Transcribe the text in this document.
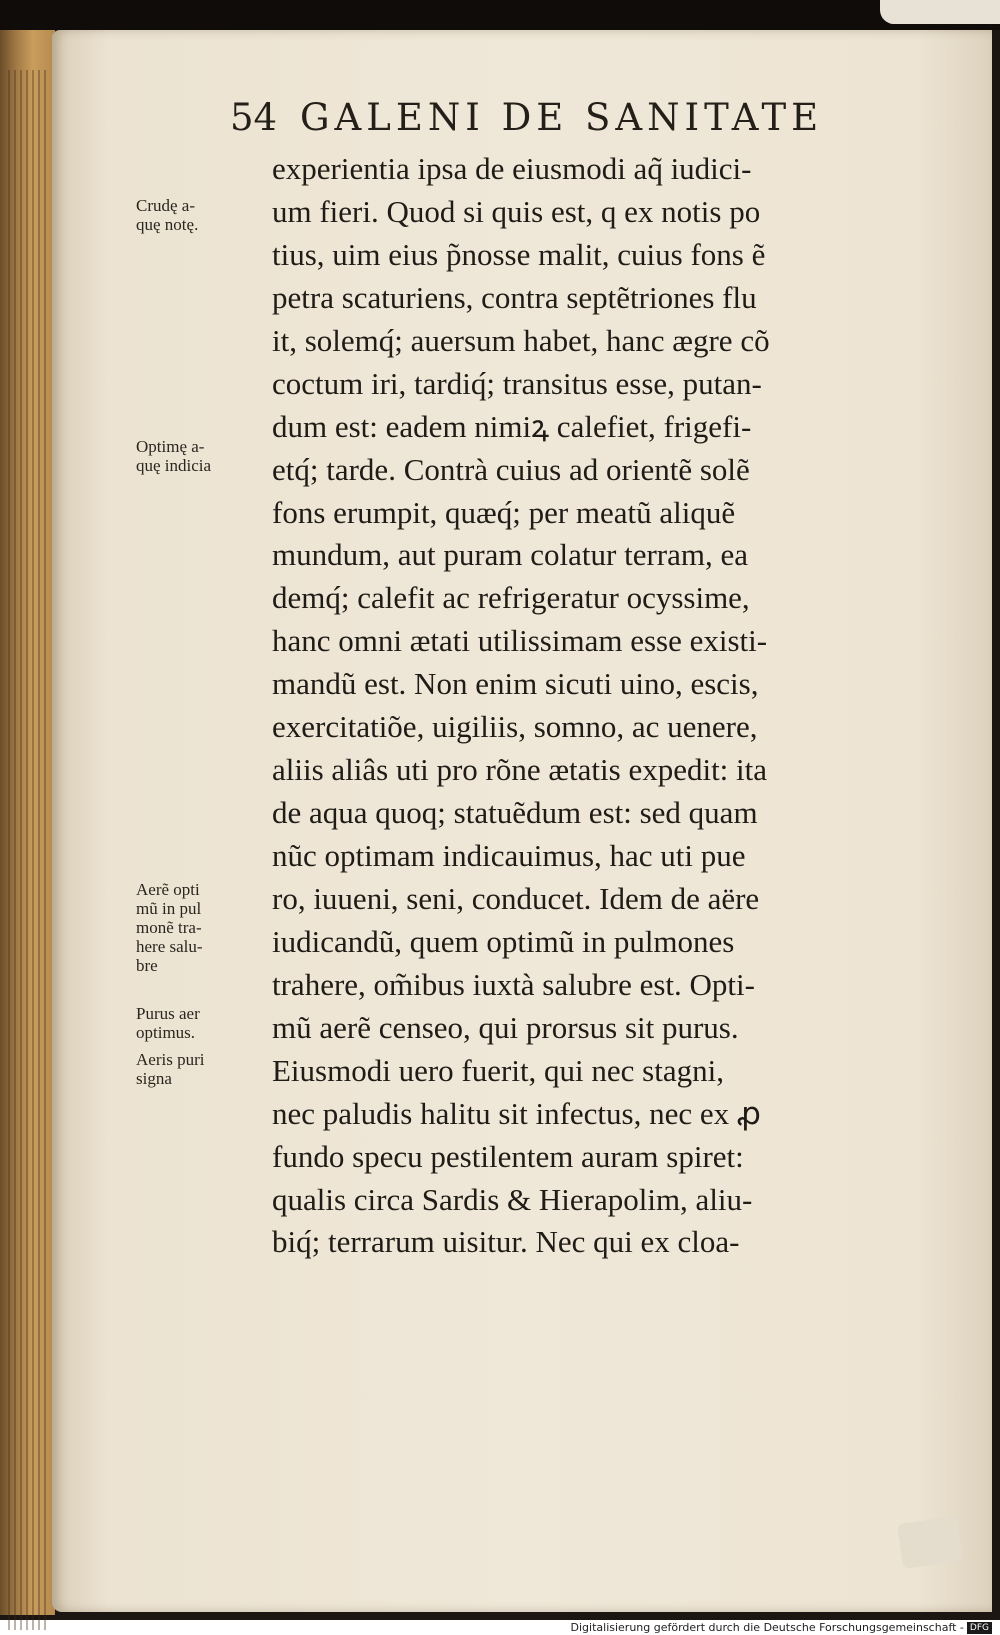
54 GALENI DE SANITATE
experientia ipsa de eiusmodi aq̃ iudici-
um fieri. Quod si quis est, q ex notis po
tius, uim eius p̃nosse malit, cuius fons ẽ
petra scaturiens, contra septẽtriones flu
it, solemq́; auersum habet, hanc ægre cõ
coctum iri, tardiq́; transitus esse, putan-
dum est: eadem nimiꝝ calefiet, frigefi-
etq́; tarde. Contrà cuius ad orientẽ solẽ
fons erumpit, quæq́; per meatũ aliquẽ
mundum, aut puram colatur terram, ea
demq́; calefit ac refrigeratur ocyssime,
hanc omni ætati utilissimam esse existi-
mandũ est. Non enim sicuti uino, escis,
exercitatiõe, uigiliis, somno, ac uenere,
aliis aliâs uti pro rõne ætatis expedit: ita
de aqua quoq; statuẽdum est: sed quam
nũc optimam indicauimus, hac uti pue
ro, iuueni, seni, conducet. Idem de aëre
iudicandũ, quem optimũ in pulmones
trahere, om̃ibus iuxtà salubre est. Opti-
mũ aerẽ censeo, qui prorsus sit purus.
Eiusmodi uero fuerit, qui nec stagni,
nec paludis halitu sit infectus, nec ex ꝓ
fundo specu pestilentem auram spiret:
qualis circa Sardis & Hierapolim, aliu-
biq́; terrarum uisitur. Nec qui ex cloa-
Crudę a-
quę notę.
Optimę a-
quę indicia
Aerẽ opti
mũ in pul
monẽ tra-
here salu-
bre
Purus aer
optimus.
Aeris puri
signa
Digitalisierung gefördert durch die Deutsche Forschungsgemeinschaft - DFG
